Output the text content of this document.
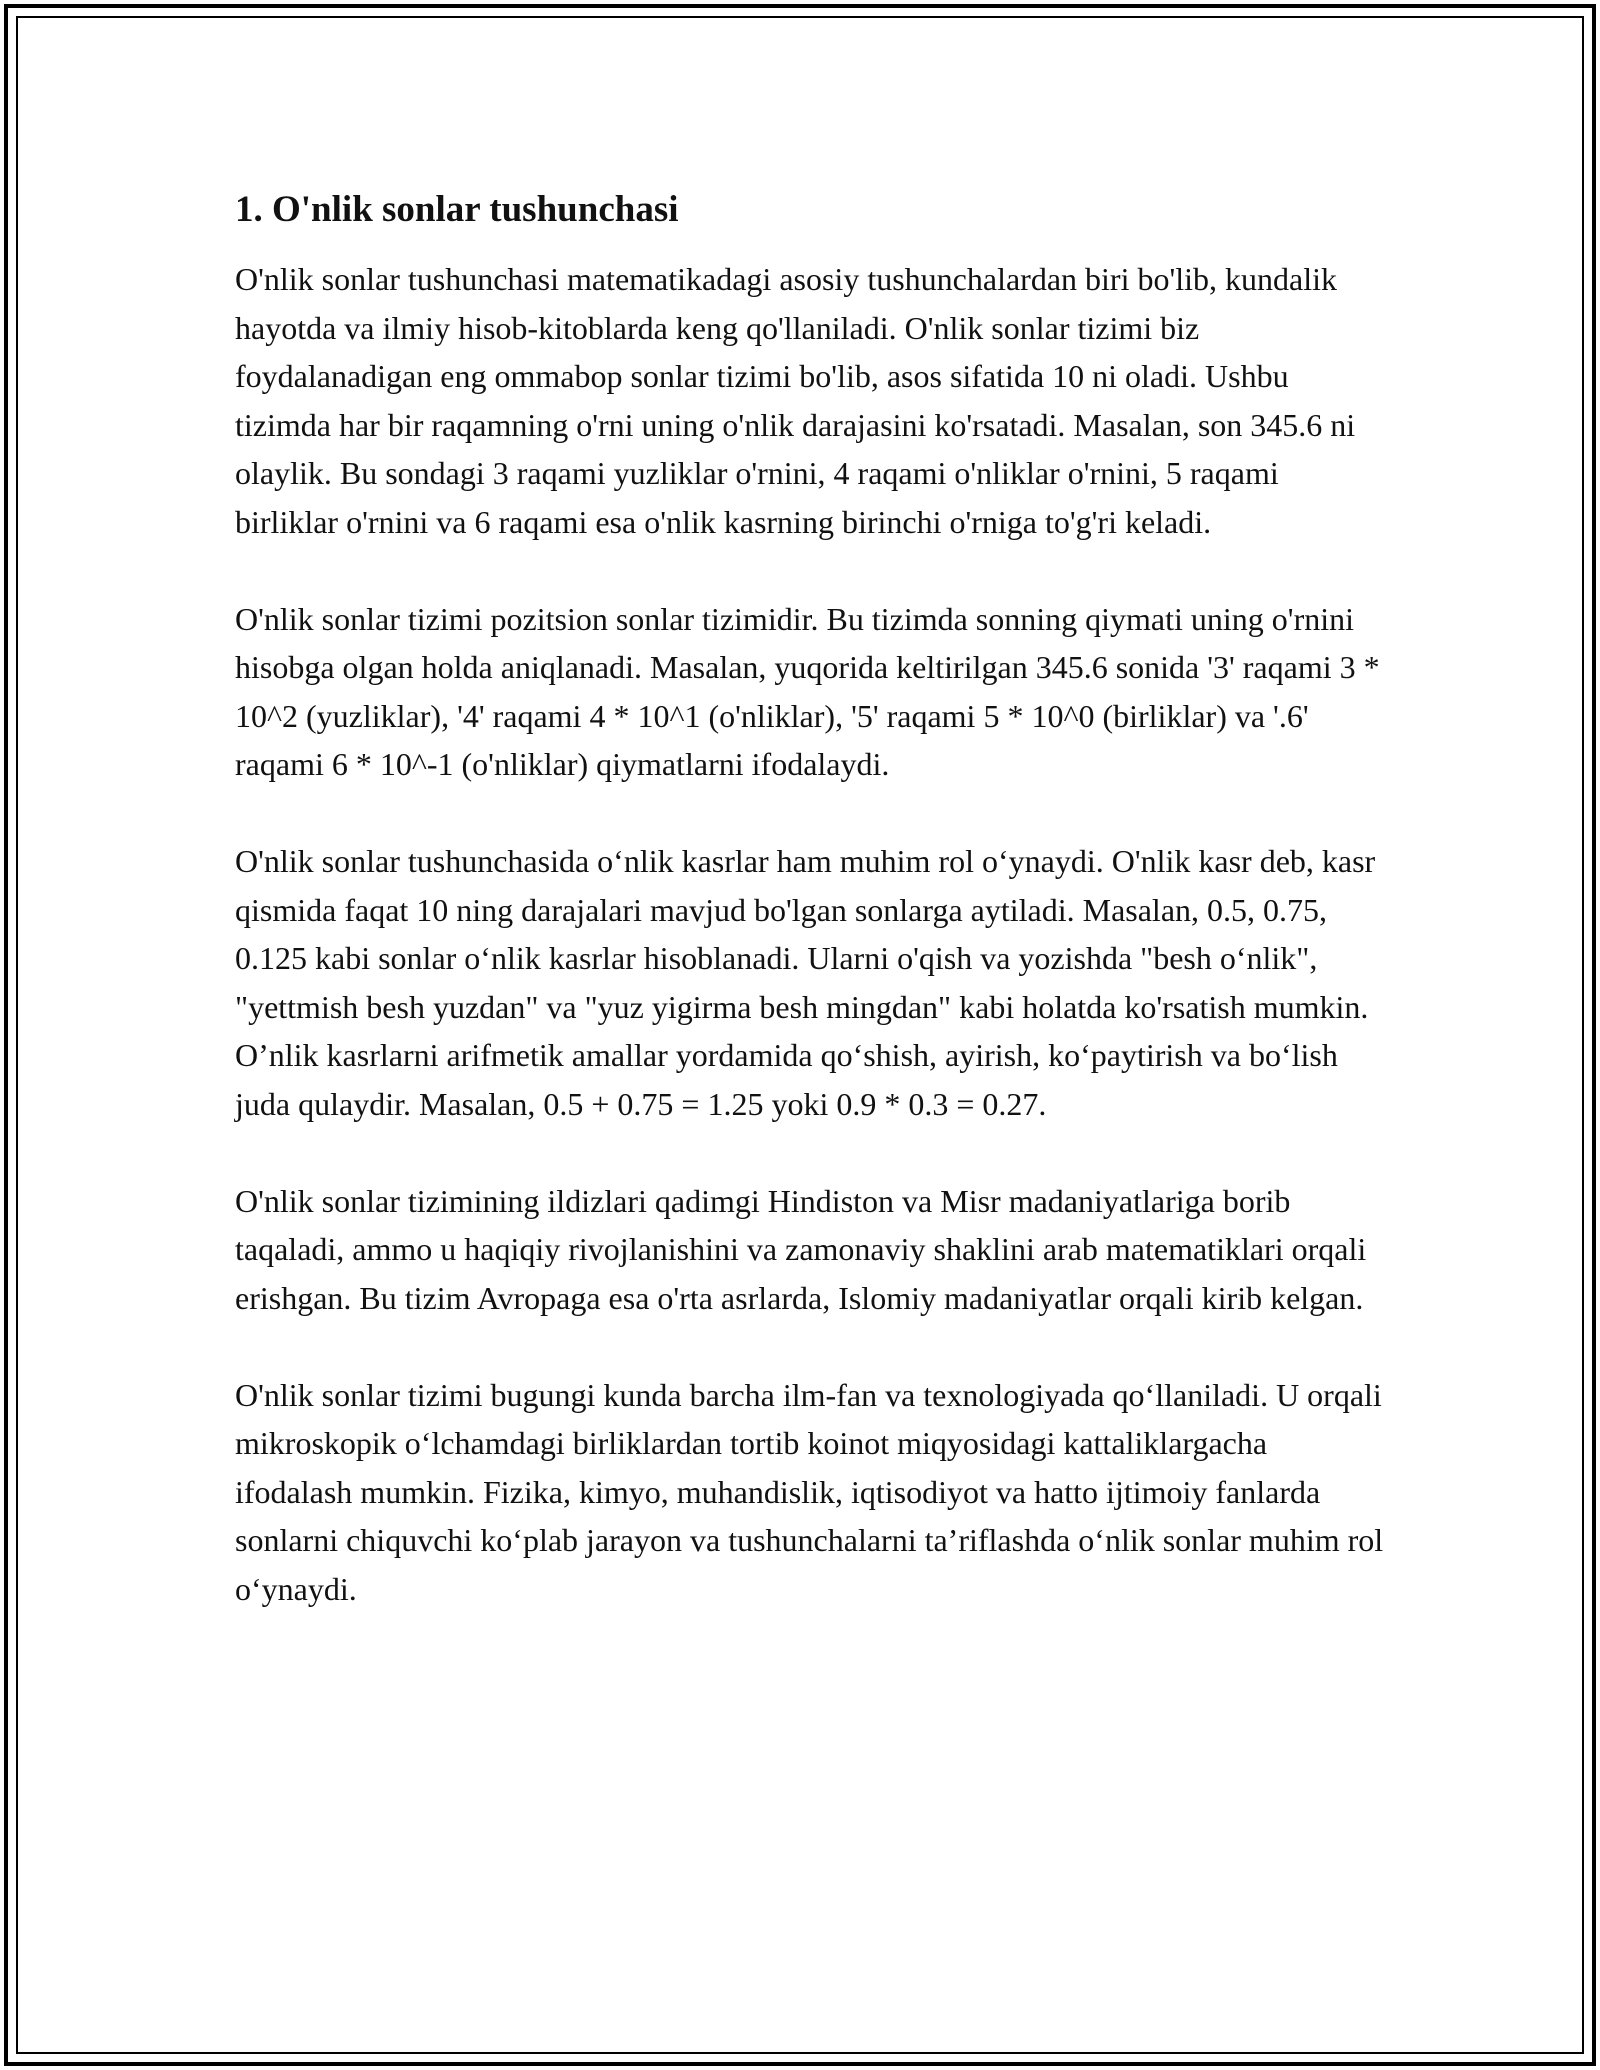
1. O'nlik sonlar tushunchasi

O'nlik sonlar tushunchasi matematikadagi asosiy tushunchalardan biri bo'lib, kundalik hayotda va ilmiy hisob-kitoblarda keng qo'llaniladi. O'nlik sonlar tizimi biz foydalanadigan eng ommabop sonlar tizimi bo'lib, asos sifatida 10 ni oladi. Ushbu tizimda har bir raqamning o'rni uning o'nlik darajasini ko'rsatadi. Masalan, son 345.6 ni olaylik. Bu sondagi 3 raqami yuzliklar o'rnini, 4 raqami o'nliklar o'rnini, 5 raqami birliklar o'rnini va 6 raqami esa o'nlik kasrning birinchi o'rniga to'g'ri keladi.

O'nlik sonlar tizimi pozitsion sonlar tizimidir. Bu tizimda sonning qiymati uning o'rnini hisobga olgan holda aniqlanadi. Masalan, yuqorida keltirilgan 345.6 sonida '3' raqami 3 * 10^2 (yuzliklar), '4' raqami 4 * 10^1 (o'nliklar), '5' raqami 5 * 10^0 (birliklar) va '.6' raqami 6 * 10^-1 (o'nliklar) qiymatlarni ifodalaydi.

O'nlik sonlar tushunchasida o‘nlik kasrlar ham muhim rol o‘ynaydi. O'nlik kasr deb, kasr qismida faqat 10 ning darajalari mavjud bo'lgan sonlarga aytiladi. Masalan, 0.5, 0.75, 0.125 kabi sonlar o‘nlik kasrlar hisoblanadi. Ularni o'qish va yozishda "besh o‘nlik", "yettmish besh yuzdan" va "yuz yigirma besh mingdan" kabi holatda ko'rsatish mumkin. O’nlik kasrlarni arifmetik amallar yordamida qo‘shish, ayirish, ko‘paytirish va bo‘lish juda qulaydir. Masalan, 0.5 + 0.75 = 1.25 yoki 0.9 * 0.3 = 0.27.

O'nlik sonlar tizimining ildizlari qadimgi Hindiston va Misr madaniyatlariga borib taqaladi, ammo u haqiqiy rivojlanishini va zamonaviy shaklini arab matematiklari orqali erishgan. Bu tizim Avropaga esa o'rta asrlarda, Islomiy madaniyatlar orqali kirib kelgan.

O'nlik sonlar tizimi bugungi kunda barcha ilm-fan va texnologiyada qo‘llaniladi. U orqali mikroskopik o‘lchamdagi birliklardan tortib koinot miqyosidagi kattaliklargacha ifodalash mumkin. Fizika, kimyo, muhandislik, iqtisodiyot va hatto ijtimoiy fanlarda sonlarni chiquvchi ko‘plab jarayon va tushunchalarni ta’riflashda o‘nlik sonlar muhim rol o‘ynaydi.
